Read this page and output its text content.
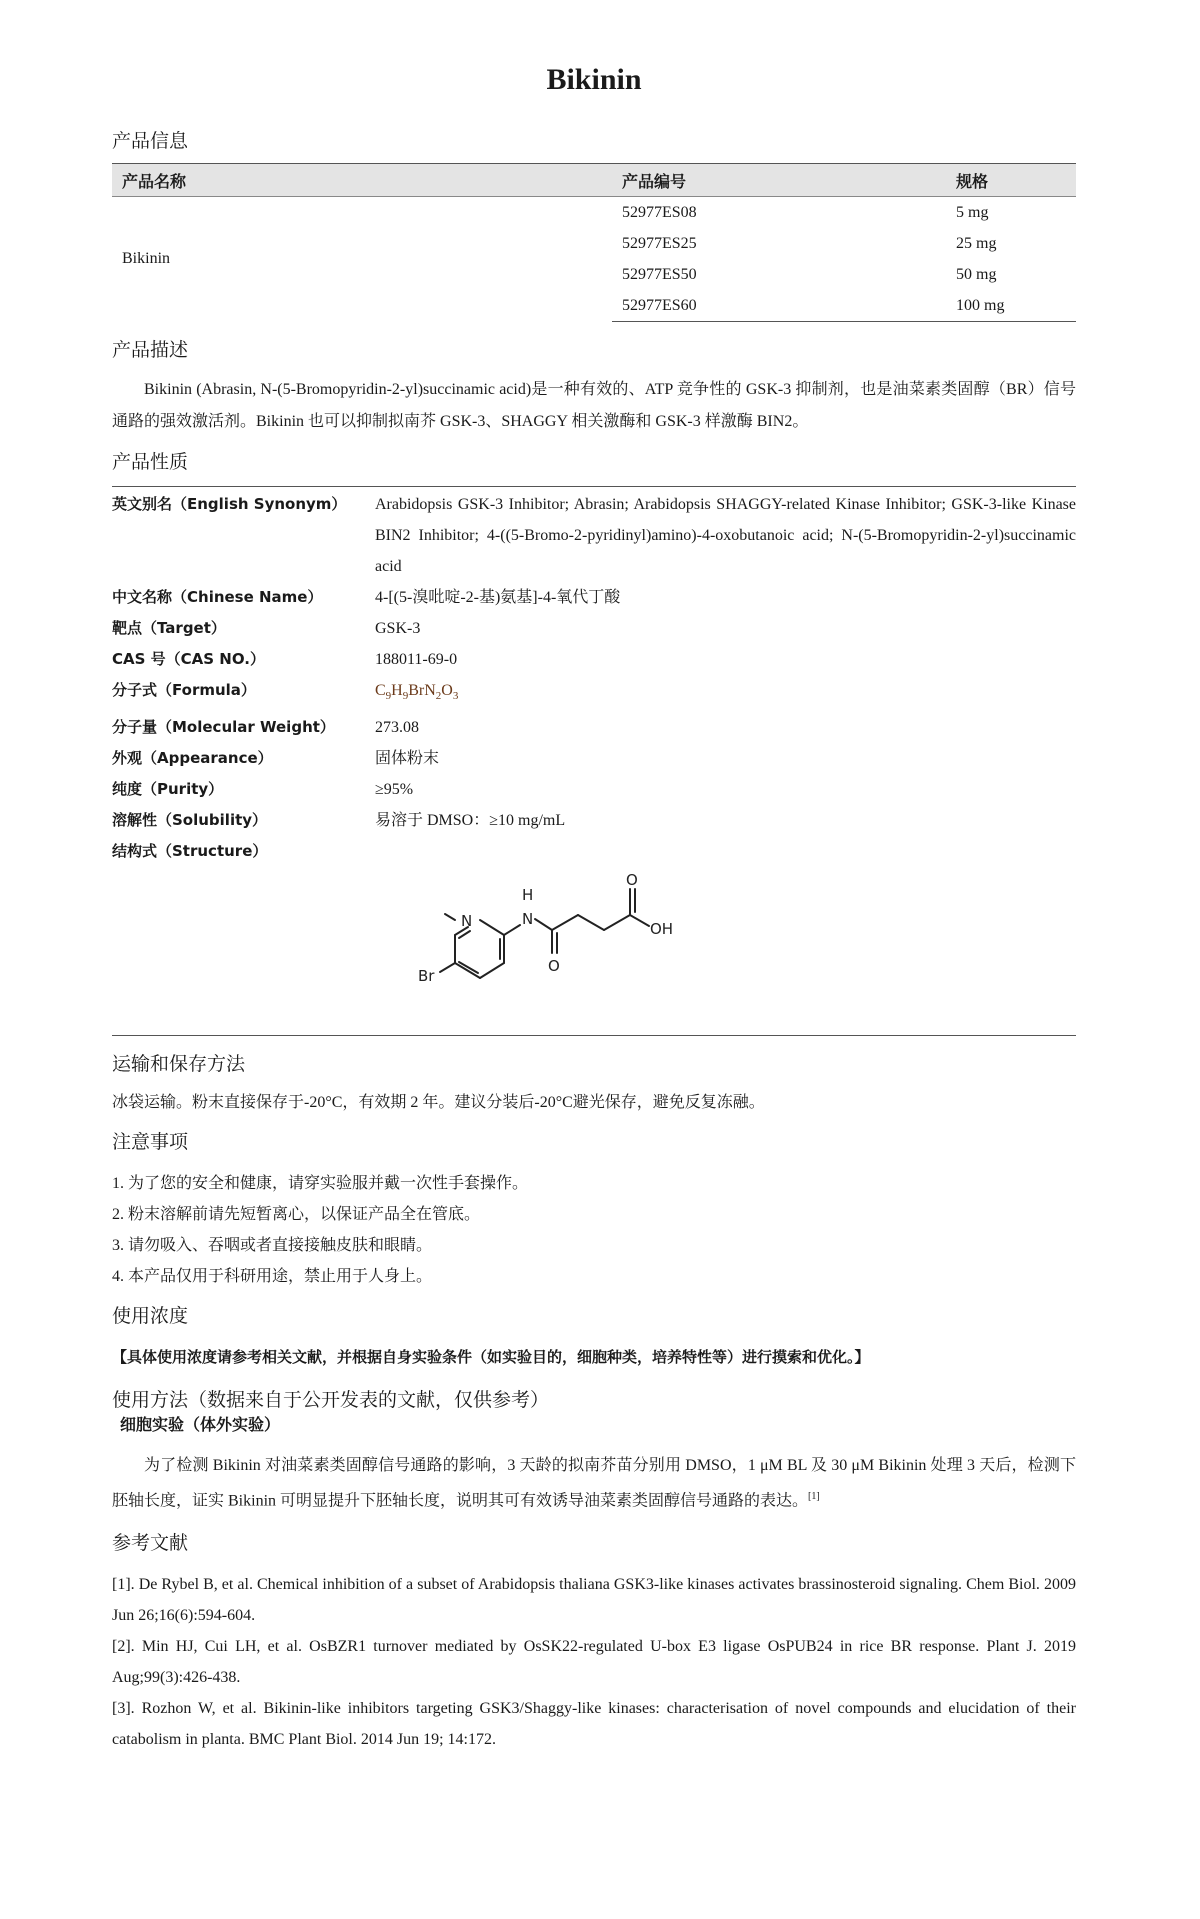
Bikinin
产品信息
产品名称	产品编号	规格
Bikinin	52977ES08	5 mg
	52977ES25	25 mg
	52977ES50	50 mg
	52977ES60	100 mg
产品描述

Bikinin (Abrasin, N-(5-Bromopyridin-2-yl)succinamic acid)是一种有效的、ATP 竞争性的 GSK-3 抑制剂，也是油菜素类固醇（BR）信号通路的强效激活剂。Bikinin 也可以抑制拟南芥 GSK-3、SHAGGY 相关激酶和 GSK-3 样激酶 BIN2。

产品性质
英文别名（English Synonym）	Arabidopsis GSK-3 Inhibitor; Abrasin; Arabidopsis SHAGGY-related Kinase Inhibitor; GSK-3-like Kinase BIN2 Inhibitor; 4-((5-Bromo-2-pyridinyl)amino)-4-oxobutanoic acid; N-(5-Bromopyridin-2-yl)succinamic acid
中文名称（Chinese Name）	4-[(5-溴吡啶-2-基)氨基]-4-氧代丁酸
靶点（Target）	GSK-3
CAS 号（CAS NO.）	188011-69-0
分子式（Formula）	$C_9H_9BrN_2O_3$
分子量（Molecular Weight）	273.08
外观（Appearance）	固体粉末
纯度（Purity）	≥95%
溶解性（Solubility）	易溶于 DMSO：≥10 mg/mL
结构式（Structure）
N
H
N
O
O
OH
Br
运输和保存方法

冰袋运输。粉末直接保存于-20°C，有效期 2 年。建议分装后-20°C避光保存，避免反复冻融。

注意事项
1. 为了您的安全和健康，请穿实验服并戴一次性手套操作。
2. 粉末溶解前请先短暂离心，以保证产品全在管底。
3. 请勿吸入、吞咽或者直接接触皮肤和眼睛。
4. 本产品仅用于科研用途，禁止用于人身上。
使用浓度

【具体使用浓度请参考相关文献，并根据自身实验条件（如实验目的，细胞种类，培养特性等）进行摸索和优化。】

使用方法（数据来自于公开发表的文献，仅供参考）

细胞实验（体外实验）

为了检测 Bikinin 对油菜素类固醇信号通路的影响，3 天龄的拟南芥苗分别用 DMSO，1 μM BL 及 30 μM Bikinin 处理 3 天后，检测下胚轴长度，证实 Bikinin 可明显提升下胚轴长度，说明其可有效诱导油菜素类固醇信号通路的表达。[1]

参考文献
[1]. De Rybel B, et al. Chemical inhibition of a subset of Arabidopsis thaliana GSK3-like kinases activates brassinosteroid signaling. Chem Biol. 2009 Jun 26;16(6):594-604.
[2]. Min HJ, Cui LH, et al. OsBZR1 turnover mediated by OsSK22-regulated U-box E3 ligase OsPUB24 in rice BR response. Plant J. 2019 Aug;99(3):426-438.
[3]. Rozhon W, et al. Bikinin-like inhibitors targeting GSK3/Shaggy-like kinases: characterisation of novel compounds and elucidation of their catabolism in planta. BMC Plant Biol. 2014 Jun 19; 14:172.
